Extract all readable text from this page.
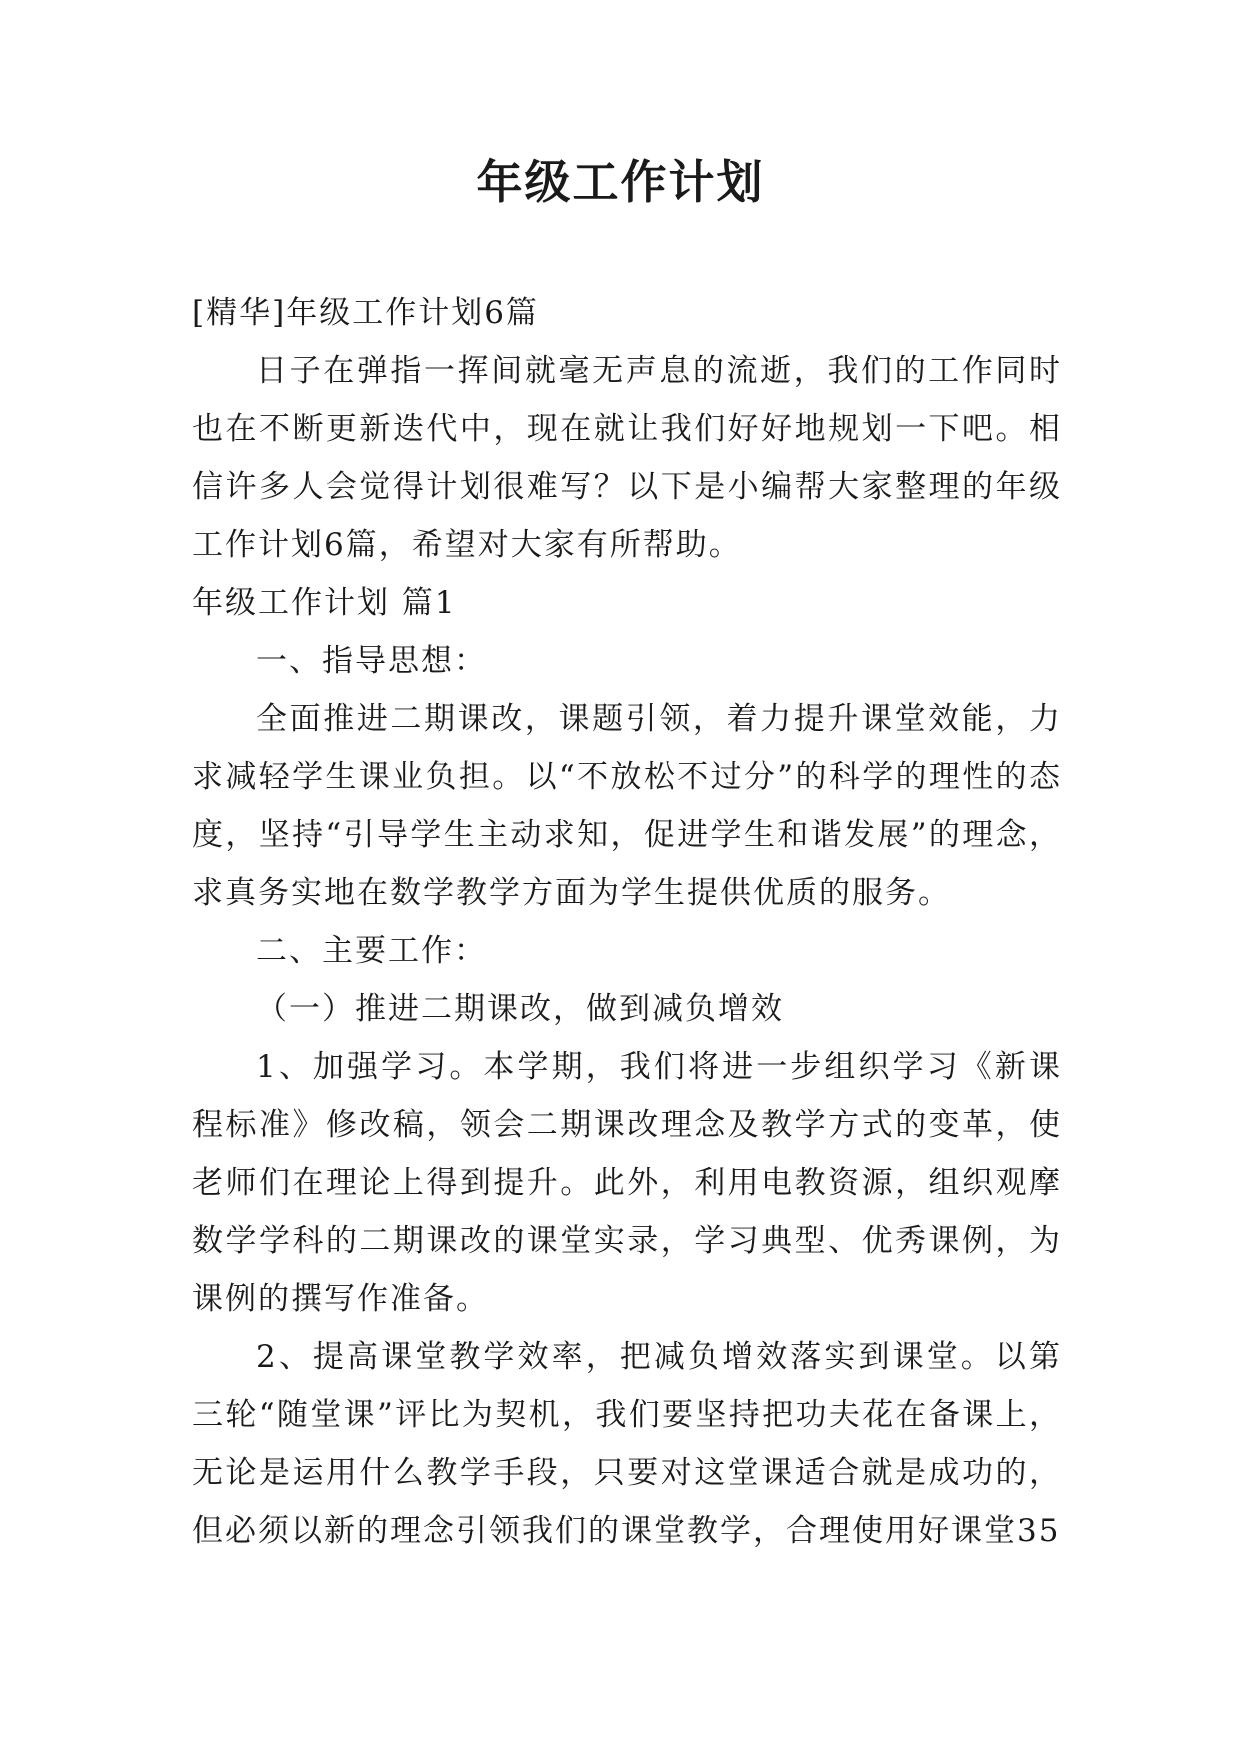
年级工作计划

[精华]年级工作计划6篇

日子在弹指一挥间就毫无声息的流逝，我们的工作同时也在不断更新迭代中，现在就让我们好好地规划一下吧。相信许多人会觉得计划很难写？以下是小编帮大家整理的年级工作计划6篇，希望对大家有所帮助。

年级工作计划 篇1

一、指导思想：

全面推进二期课改，课题引领，着力提升课堂效能，力求减轻学生课业负担。以“不放松不过分”的科学的理性的态度，坚持“引导学生主动求知，促进学生和谐发展”的理念，求真务实地在数学教学方面为学生提供优质的服务。

二、主要工作：

（一）推进二期课改，做到减负增效

1、加强学习。本学期，我们将进一步组织学习《新课程标准》修改稿，领会二期课改理念及教学方式的变革，使老师们在理论上得到提升。此外，利用电教资源，组织观摩数学学科的二期课改的课堂实录，学习典型、优秀课例，为课例的撰写作准备。

2、提高课堂教学效率，把减负增效落实到课堂。以第三轮“随堂课”评比为契机，我们要坚持把功夫花在备课上，无论是运用什么教学手段，只要对这堂课适合就是成功的，但必须以新的理念引领我们的课堂教学，合理使用好课堂35
